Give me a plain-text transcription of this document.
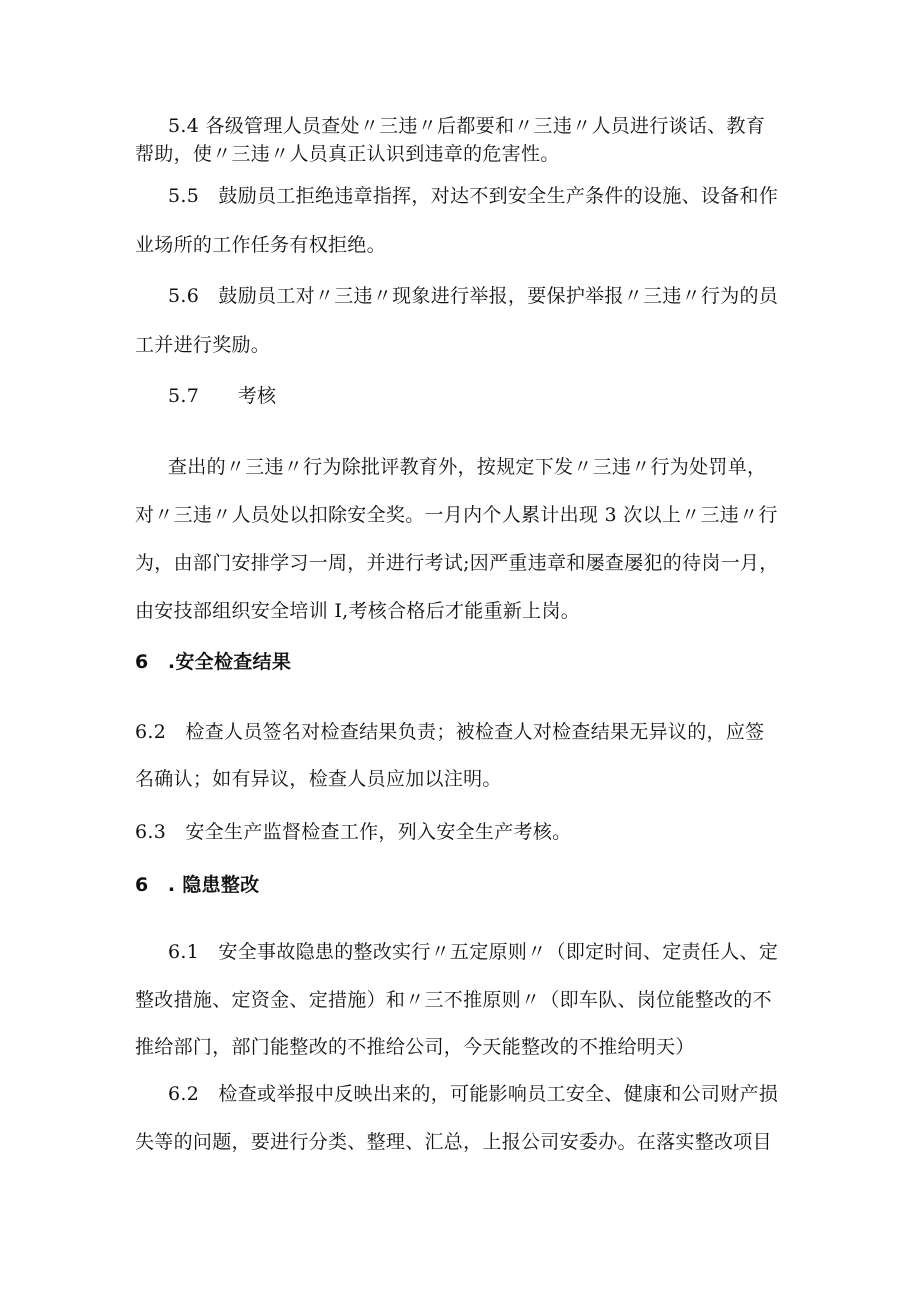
5.4 各级管理人员查处〃三违〃后都要和〃三违〃人员进行谈话、教育

帮助，使〃三违〃人员真正认识到违章的危害性。

5.5　鼓励员工拒绝违章指挥，对达不到安全生产条件的设施、设备和作

业场所的工作任务有权拒绝。

5.6　鼓励员工对〃三违〃现象进行举报，要保护举报〃三违〃行为的员

工并进行奖励。

5.7　　考核

查出的〃三违〃行为除批评教育外，按规定下发〃三违〃行为处罚单，

对〃三违〃人员处以扣除安全奖。一月内个人累计出现 3 次以上〃三违〃行

为，由部门安排学习一周，并进行考试;因严重违章和屡查屡犯的待岗一月，

由安技部组织安全培训 I,考核合格后才能重新上岗。

6　.安全检查结果

6.2　检查人员签名对检查结果负责；被检查人对检查结果无异议的，应签

名确认；如有异议，检查人员应加以注明。

6.3　安全生产监督检查工作，列入安全生产考核。

6　. 隐患整改

6.1　安全事故隐患的整改实行〃五定原则〃（即定时间、定责任人、定

整改措施、定资金、定措施）和〃三不推原则〃（即车队、岗位能整改的不

推给部门，部门能整改的不推给公司，今天能整改的不推给明天）

6.2　检查或举报中反映出来的，可能影响员工安全、健康和公司财产损

失等的问题，要进行分类、整理、汇总，上报公司安委办。在落实整改项目
